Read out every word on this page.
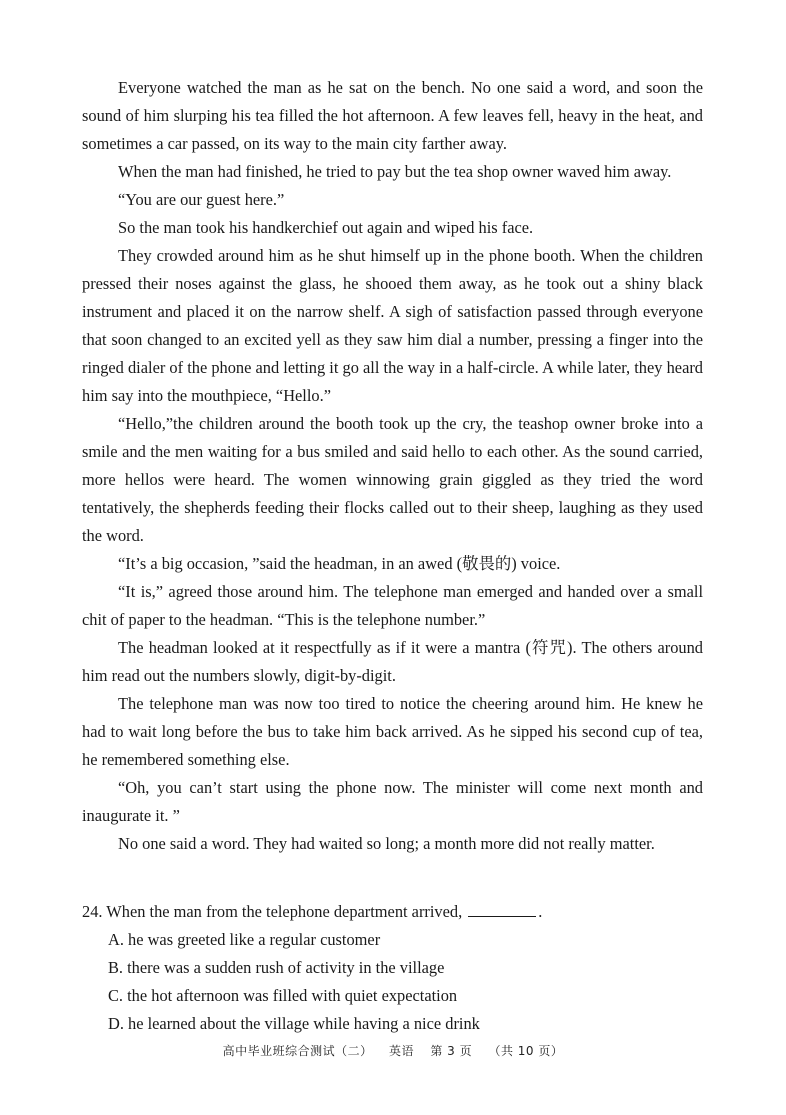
Everyone watched the man as he sat on the bench. No one said a word, and soon the sound of him slurping his tea filled the hot afternoon. A few leaves fell, heavy in the heat, and sometimes a car passed, on its way to the main city farther away.

When the man had finished, he tried to pay but the tea shop owner waved him away.

“You are our guest here.”

So the man took his handkerchief out again and wiped his face.

They crowded around him as he shut himself up in the phone booth. When the children pressed their noses against the glass, he shooed them away, as he took out a shiny black instrument and placed it on the narrow shelf. A sigh of satisfaction passed through everyone that soon changed to an excited yell as they saw him dial a number, pressing a finger into the ringed dialer of the phone and letting it go all the way in a half-circle. A while later, they heard him say into the mouthpiece, “Hello.”

“Hello,”the children around the booth took up the cry, the teashop owner broke into a smile and the men waiting for a bus smiled and said hello to each other. As the sound carried, more hellos were heard. The women winnowing grain giggled as they tried the word tentatively, the shepherds feeding their flocks called out to their sheep, laughing as they used the word.

“It’s a big occasion, ”said the headman, in an awed (敬畏的) voice.

“It is,” agreed those around him. The telephone man emerged and handed over a small chit of paper to the headman. “This is the telephone number.”

The headman looked at it respectfully as if it were a mantra (符咒). The others around him read out the numbers slowly, digit-by-digit.

The telephone man was now too tired to notice the cheering around him. He knew he had to wait long before the bus to take him back arrived. As he sipped his second cup of tea, he remembered something else.

“Oh, you can’t start using the phone now. The minister will come next month and inaugurate it. ”

No one said a word. They had waited so long; a month more did not really matter.

24. When the man from the telephone department arrived,	.

A. he was greeted like a regular customer
B. there was a sudden rush of activity in the village
C. the hot afternoon was filled with quiet expectation
D. he learned about the village while having a nice drink
高中毕业班综合测试（二） 英语 第 3 页 （共 10 页）
